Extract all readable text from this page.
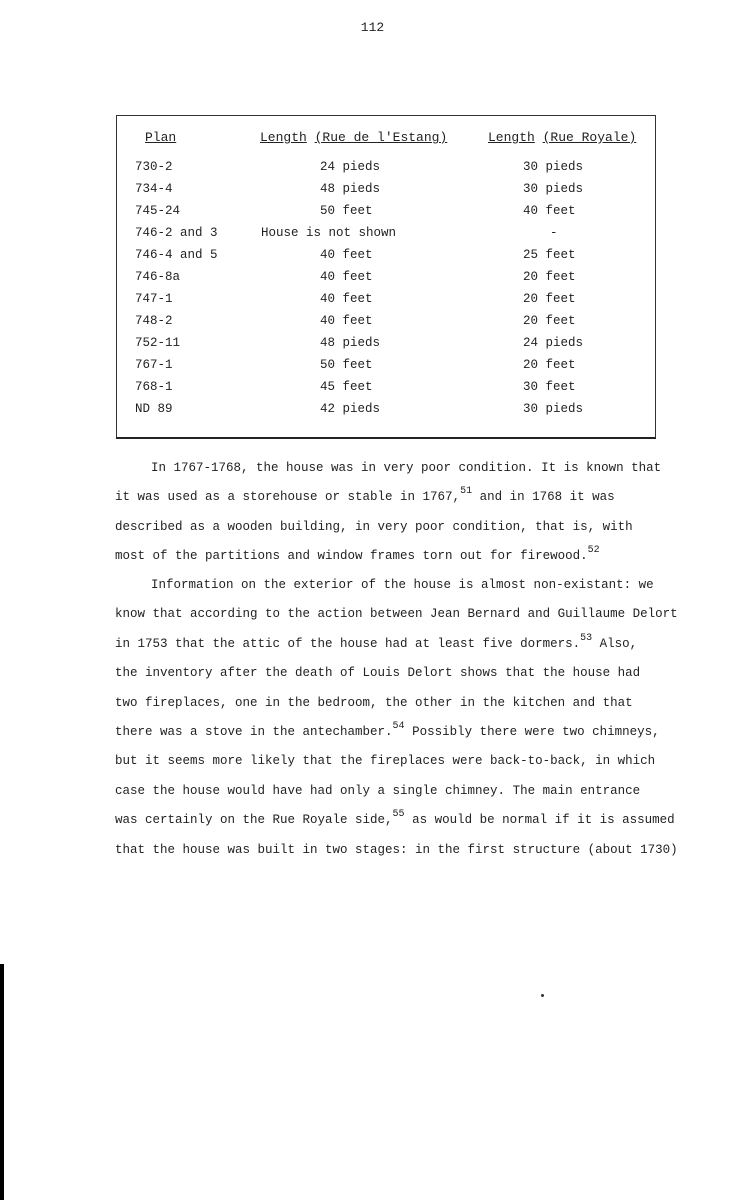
112
Plan	Length (Rue de l'Estang)	Length (Rue Royale)
730-2	24 pieds	30 pieds
734-4	48 pieds	30 pieds
745-24	50 feet	40 feet
746-2 and 3	House is not shown	-
746-4 and 5	40 feet	25 feet
746-8a	40 feet	20 feet
747-1	40 feet	20 feet
748-2	40 feet	20 feet
752-11	48 pieds	24 pieds
767-1	50 feet	20 feet
768-1	45 feet	30 feet
ND 89	42 pieds	30 pieds
In 1767-1768, the house was in very poor condition. It is known that
it was used as a storehouse or stable in 1767,51 and in 1768 it was
described as a wooden building, in very poor condition, that is, with
most of the partitions and window frames torn out for firewood.$^{52}$
Information on the exterior of the house is almost non-existant: we
know that according to the action between Jean Bernard and Guillaume Delort
in 1753 that the attic of the house had at least five dormers.$^{53}$ Also,
the inventory after the death of Louis Delort shows that the house had
two fireplaces, one in the bedroom, the other in the kitchen and that
there was a stove in the antechamber.$^{54}$ Possibly there were two chimneys,
but it seems more likely that the fireplaces were back-to-back, in which
case the house would have had only a single chimney. The main entrance
was certainly on the Rue Royale side,$^{55}$ as would be normal if it is assumed
that the house was built in two stages: in the first structure (about 1730)
